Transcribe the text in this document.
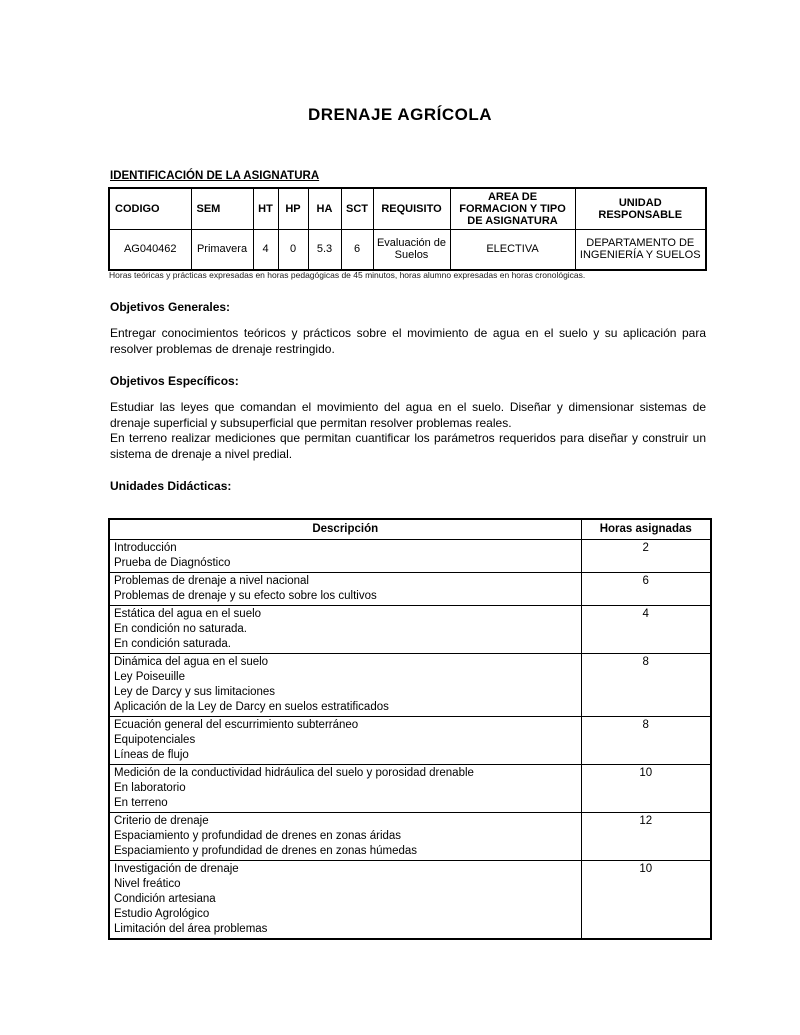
DRENAJE AGRÍCOLA
IDENTIFICACIÓN DE LA ASIGNATURA
CODIGO	SEM	HT	HP	HA	SCT	REQUISITO	AREA DE FORMACION Y TIPO DE ASIGNATURA	UNIDAD RESPONSABLE
AG040462	Primavera	4	0	5.3	6	Evaluación de Suelos	ELECTIVA	DEPARTAMENTO DE INGENIERÍA Y SUELOS
Horas teóricas y prácticas expresadas en horas pedagógicas de 45 minutos, horas alumno expresadas en horas cronológicas.
Objetivos Generales:

Entregar conocimientos teóricos y prácticos sobre el movimiento de agua en el suelo y su aplicación para resolver problemas de drenaje restringido.

Objetivos Específicos:
Estudiar las leyes que comandan el movimiento del agua en el suelo. Diseñar y dimensionar sistemas de drenaje superficial y subsuperficial que permitan resolver problemas reales.
En terreno realizar mediciones que permitan cuantificar los parámetros requeridos para diseñar y construir un sistema de drenaje a nivel predial.
Unidades Didácticas:
Descripción	Horas asignadas

Introducción
Prueba de Diagnóstico	2

Problemas de drenaje a nivel nacional
Problemas de drenaje y su efecto sobre los cultivos	6

Estática del agua en el suelo
En condición no saturada.
En condición saturada.	4

Dinámica del agua en el suelo
Ley Poiseuille
Ley de Darcy y sus limitaciones
Aplicación de la Ley de Darcy en suelos estratificados	8

Ecuación general del escurrimiento subterráneo
Equipotenciales
Líneas de flujo	8

Medición de la conductividad hidráulica del suelo y porosidad drenable
En laboratorio
En terreno	10

Criterio de drenaje
Espaciamiento y profundidad de drenes en zonas áridas
Espaciamiento y profundidad de drenes en zonas húmedas	12

Investigación de drenaje
Nivel freático
Condición artesiana
Estudio Agrológico
Limitación del área problemas	10
